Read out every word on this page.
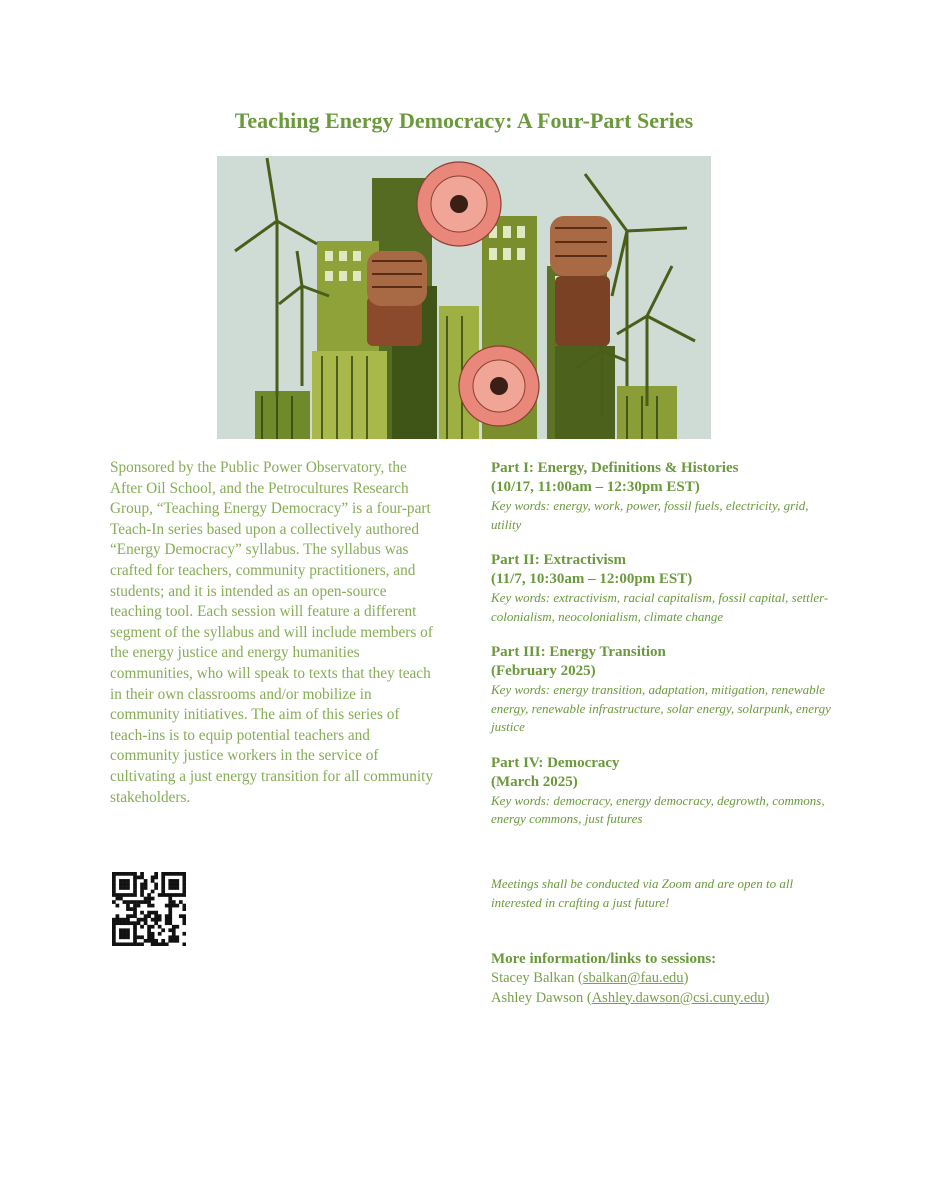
Teaching Energy Democracy: A Four-Part Series
Sponsored by the Public Power Observatory, the After Oil School, and the Petrocultures Research Group, “Teaching Energy Democracy” is a four-part Teach-In series based upon a collectively authored “Energy Democracy” syllabus. The syllabus was crafted for teachers, community practitioners, and students; and it is intended as an open-source teaching tool. Each session will feature a different segment of the syllabus and will include members of the energy justice and energy humanities communities, who will speak to texts that they teach in their own classrooms and/or mobilize in community initiatives. The aim of this series of teach-ins is to equip potential teachers and community justice workers in the service of cultivating a just energy transition for all community stakeholders.
Part I: Energy, Definitions & Histories
(10/17, 11:00am – 12:30pm EST)
Key words: energy, work, power, fossil fuels, electricity, grid, utility
Part II: Extractivism
(11/7, 10:30am – 12:00pm EST)
Key words: extractivism, racial capitalism, fossil capital, settler-colonialism, neocolonialism, climate change
Part III: Energy Transition
(February 2025)
Key words: energy transition, adaptation, mitigation, renewable energy, renewable infrastructure, solar energy, solarpunk, energy justice
Part IV: Democracy
(March 2025)
Key words: democracy, energy democracy, degrowth, commons, energy commons, just futures
Meetings shall be conducted via Zoom and are open to all interested in crafting a just future!
More information/links to sessions:
Stacey Balkan (sbalkan@fau.edu)
Ashley Dawson (Ashley.dawson@csi.cuny.edu)
